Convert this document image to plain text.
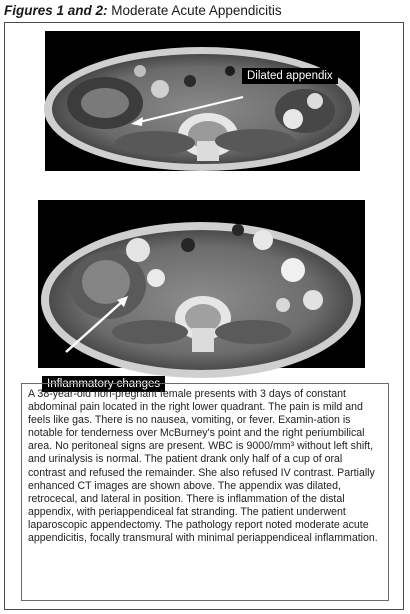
Figures 1 and 2: Moderate Acute Appendicitis
Dilated appendix
Inflammatory changes
A 38-year-old non-pregnant female presents with 3 days of constant abdominal pain located in the right lower quadrant. The pain is mild and feels like gas. There is no nausea, vomiting, or fever. Examin-ation is notable for tenderness over McBurney's point and the right periumbilical area. No peritoneal signs are present. WBC is 9000/mm³ without left shift, and urinalysis is normal. The patient drank only half of a cup of oral contrast and refused the remainder. She also refused IV contrast. Partially enhanced CT images are shown above. The appendix was dilated, retrocecal, and lateral in position. There is inflammation of the distal appendix, with periappendiceal fat stranding. The patient underwent laparoscopic appendectomy. The pathology report noted moderate acute appendicitis, focally transmural with minimal periappendiceal inflammation.
